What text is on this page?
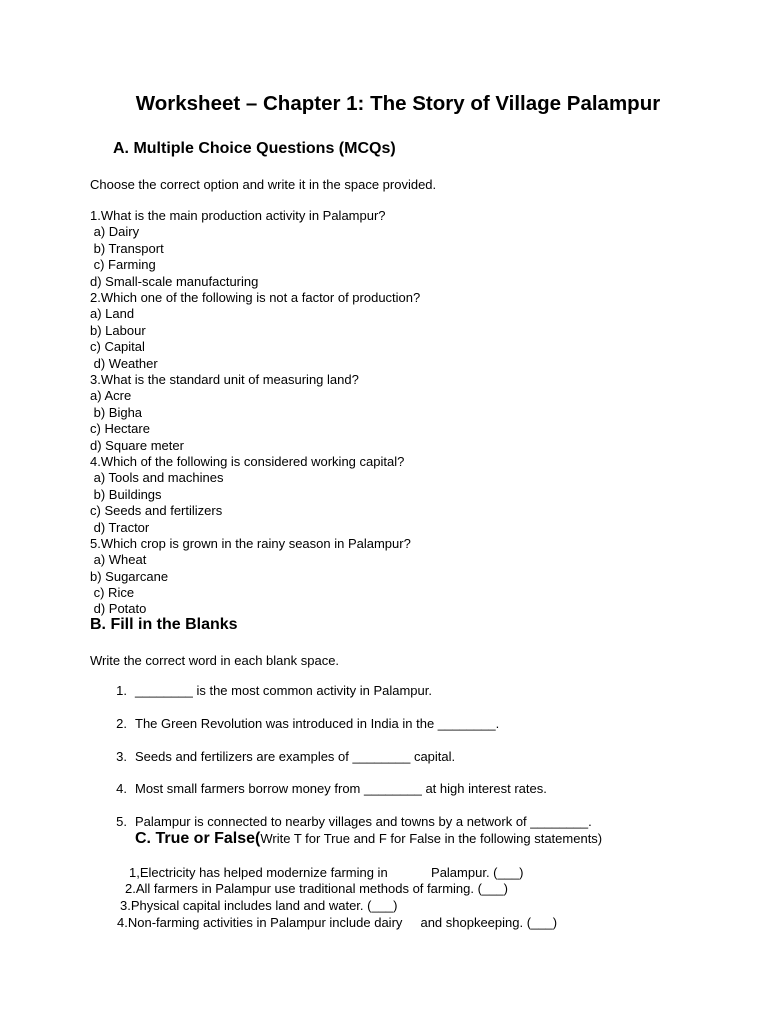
Worksheet – Chapter 1: The Story of Village Palampur
A. Multiple Choice Questions (MCQs)
Choose the correct option and write it in the space provided.
1.What is the main production activity in Palampur?
a) Dairy
b) Transport
c) Farming
d) Small-scale manufacturing
2.Which one of the following is not a factor of production?
a) Land
b) Labour
c) Capital
d) Weather
3.What is the standard unit of measuring land?
a) Acre
b) Bigha
c) Hectare
d) Square meter
4.Which of the following is considered working capital?
a) Tools and machines
b) Buildings
c) Seeds and fertilizers
d) Tractor
5.Which crop is grown in the rainy season in Palampur?
a) Wheat
b) Sugarcane
c) Rice
d) Potato
B. Fill in the Blanks
Write the correct word in each blank space.
1. ________ is the most common activity in Palampur.
2. The Green Revolution was introduced in India in the ________.
3. Seeds and fertilizers are examples of ________ capital.
4. Most small farmers borrow money from ________ at high interest rates.
5. Palampur is connected to nearby villages and towns by a network of ________.
C. True or False(Write T for True and F for False in the following statements)
1,Electricity has helped modernize farming in            Palampur. (___)
2.All farmers in Palampur use traditional methods of farming. (___)
3.Physical capital includes land and water. (___)
4.Non-farming activities in Palampur include dairy     and shopkeeping. (___)
